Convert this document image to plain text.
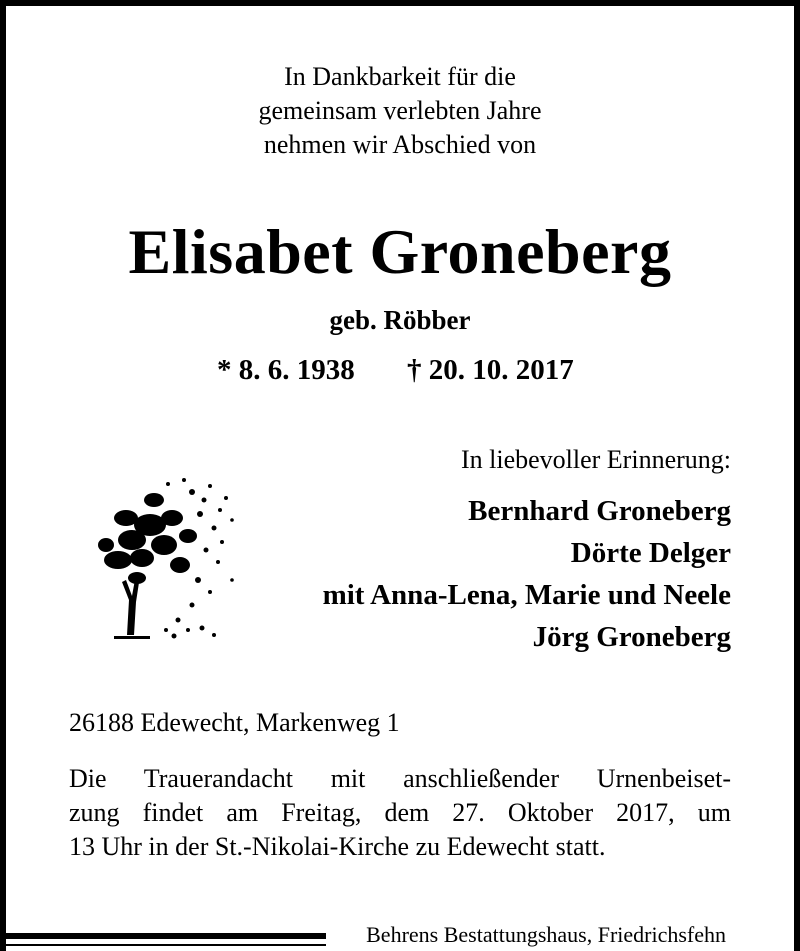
In Dankbarkeit für die
gemeinsam verlebten Jahre
nehmen wir Abschied von
Elisabet Groneberg
geb. Röbber
* 8. 6. 1938 † 20. 10. 2017
In liebevoller Erinnerung:
Bernhard Groneberg
Dörte Delger
mit Anna-Lena, Marie und Neele
Jörg Groneberg
26188 Edewecht, Markenweg 1
Die Trauerandacht mit anschließender Urnenbeiset-
zung findet am Freitag, dem 27. Oktober 2017, um
13 Uhr in der St.-Nikolai-Kirche zu Edewecht statt.
Behrens Bestattungshaus, Friedrichsfehn
